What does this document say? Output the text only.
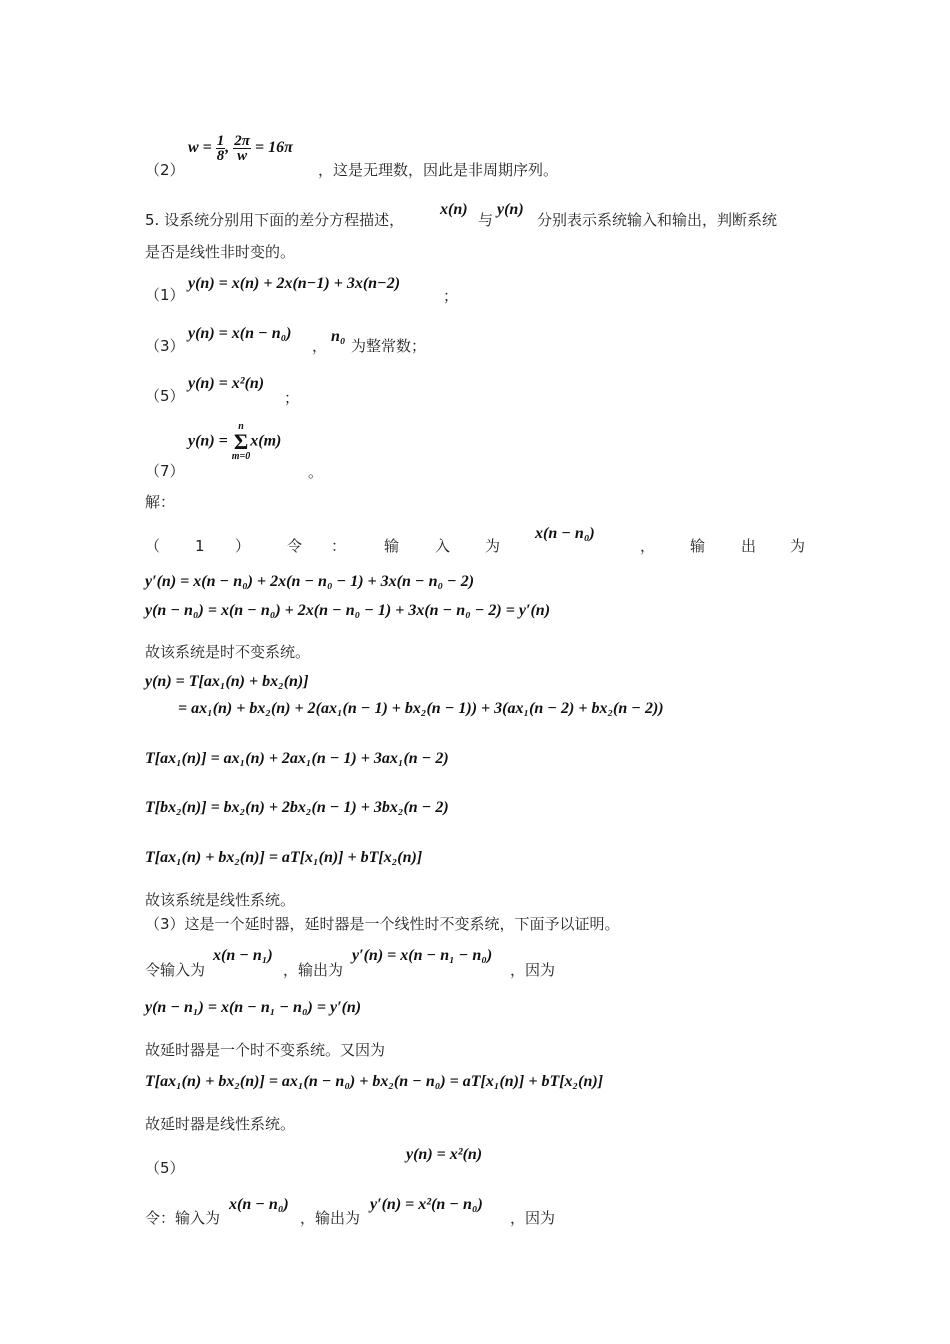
$w = \frac{1}{8}$ , $\frac{2\pi}{w} = 16\pi$
（2）	，这是无理数，因此是非周期序列。
5. 设系统分别用下面的差分方程描述，
x(n)
与
y(n)
分别表示系统输入和输出，判断系统
是否是线性非时变的。
（1）
y(n) = x(n) + 2x(n−1) + 3x(n−2)
；
（3）
y(n) = x(n − n₀)
，
n₀
为整常数；
（5）
y(n) = x²(n)
；
y(n) = n
Σ
m=0x(m)
（7）	。
解：
（ 1 ） 令 ：	输 入 为	， 输 出 为
x(n − n₀)
y′(n) = x(n − n₀) + 2x(n − n₀ − 1) + 3x(n − n₀ − 2)
y(n − n₀) = x(n − n₀) + 2x(n − n₀ − 1) + 3x(n − n₀ − 2) = y′(n)
故该系统是时不变系统。
y(n) = T[ax₁(n) + bx₂(n)]
= ax₁(n) + bx₂(n) + 2(ax₁(n − 1) + bx₂(n − 1)) + 3(ax₁(n − 2) + bx₂(n − 2))
T[ax₁(n)] = ax₁(n) + 2ax₁(n − 1) + 3ax₁(n − 2)
T[bx₂(n)] = bx₂(n) + 2bx₂(n − 1) + 3bx₂(n − 2)
T[ax₁(n) + bx₂(n)] = aT[x₁(n)] + bT[x₂(n)]
故该系统是线性系统。
（3）这是一个延时器，延时器是一个线性时不变系统，下面予以证明。
令输入为
x(n − n₁)
，输出为
y′(n) = x(n − n₁ − n₀)
，因为
y(n − n₁) = x(n − n₁ − n₀) = y′(n)
故延时器是一个时不变系统。又因为
T[ax₁(n) + bx₂(n)] = ax₁(n − n₀) + bx₂(n − n₀) = aT[x₁(n)] + bT[x₂(n)]
故延时器是线性系统。
（5）
y(n) = x²(n)
令：输入为
x(n − n₀)
，输出为
y′(n) = x²(n − n₀)
，因为
